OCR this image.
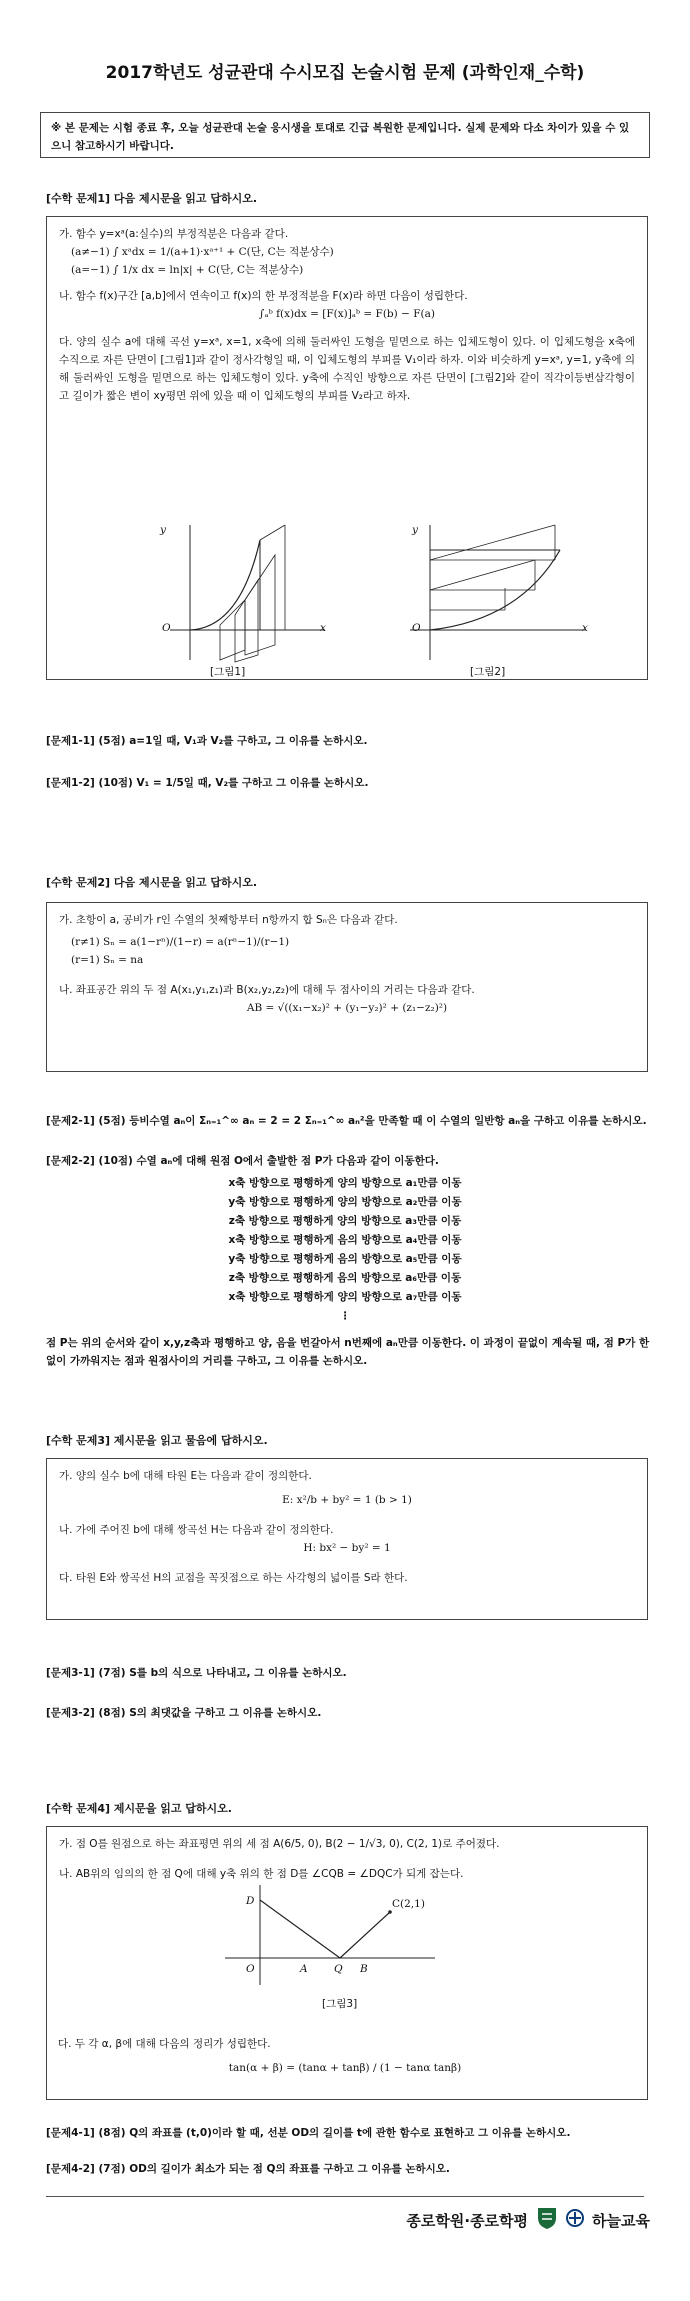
2017학년도 성균관대 수시모집 논술시험 문제 (과학인재_수학)
※ 본 문제는 시험 종료 후, 오늘 성균관대 논술 응시생을 토대로 긴급 복원한 문제입니다. 실제 문제와 다소 차이가 있을 수 있으니 참고하시기 바랍니다.
[수학 문제1] 다음 제시문을 읽고 답하시오.

가. 함수 y=xᵃ(a:실수)의 부정적분은 다음과 같다.

(a≠−1) ∫ xᵃdx = 1/(a+1)·xᵃ⁺¹ + C(단, C는 적분상수)

(a=−1) ∫ 1/x dx = ln|x| + C(단, C는 적분상수)

나. 함수 f(x)구간 [a,b]에서 연속이고 f(x)의 한 부정적분을 F(x)라 하면 다음이 성립한다.

∫ₐᵇ f(x)dx = [F(x)]ₐᵇ = F(b) − F(a)

다. 양의 실수 a에 대해 곡선 y=xᵃ, x=1, x축에 의해 둘러싸인 도형을 밑면으로 하는 입체도형이 있다. 이 입체도형을 x축에 수직으로 자른 단면이 [그림1]과 같이 정사각형일 때, 이 입체도형의 부피를 V₁이라 하자. 이와 비슷하게 y=xᵃ, y=1, y축에 의해 둘러싸인 도형을 밑면으로 하는 입체도형이 있다. y축에 수직인 방향으로 자른 단면이 [그림2]와 같이 직각이등변삼각형이고 길이가 짧은 변이 xy평면 위에 있을 때 이 입체도형의 부피를 V₂라고 하자.

y
x
O
[그림1]
y
x
O
[그림2]
[문제1-1] (5점) a=1일 때, V₁과 V₂를 구하고, 그 이유를 논하시오.
[문제1-2] (10점) V₁ = 1/5일 때, V₂를 구하고 그 이유를 논하시오.
[수학 문제2] 다음 제시문을 읽고 답하시오.

가. 초항이 a, 공비가 r인 수열의 첫째항부터 n항까지 합 Sₙ은 다음과 같다.

(r≠1) Sₙ = a(1−rⁿ)/(1−r) = a(rⁿ−1)/(r−1)

(r=1) Sₙ = na

나. 좌표공간 위의 두 점 A(x₁,y₁,z₁)과 B(x₂,y₂,z₂)에 대해 두 점사이의 거리는 다음과 같다.

AB = √((x₁−x₂)² + (y₁−y₂)² + (z₁−z₂)²)

[문제2-1] (5점) 등비수열 aₙ이 Σₙ₌₁^∞ aₙ = 2 = 2 Σₙ₌₁^∞ aₙ²을 만족할 때 이 수열의 일반항 aₙ을 구하고 이유를 논하시오.
[문제2-2] (10점) 수열 aₙ에 대해 원점 O에서 출발한 점 P가 다음과 같이 이동한다.
x축 방향으로 평행하게 양의 방향으로 a₁만큼 이동
y축 방향으로 평행하게 양의 방향으로 a₂만큼 이동
z축 방향으로 평행하게 양의 방향으로 a₃만큼 이동
x축 방향으로 평행하게 음의 방향으로 a₄만큼 이동
y축 방향으로 평행하게 음의 방향으로 a₅만큼 이동
z축 방향으로 평행하게 음의 방향으로 a₆만큼 이동
x축 방향으로 평행하게 양의 방향으로 a₇만큼 이동
⋮
점 P는 위의 순서와 같이 x,y,z축과 평행하고 양, 음을 번갈아서 n번째에 aₙ만큼 이동한다. 이 과정이 끝없이 계속될 때, 점 P가 한없이 가까워지는 점과 원점사이의 거리를 구하고, 그 이유를 논하시오.
[수학 문제3] 제시문을 읽고 물음에 답하시오.

가. 양의 실수 b에 대해 타원 E는 다음과 같이 정의한다.

E: x²/b + by² = 1 (b > 1)

나. 가에 주어진 b에 대해 쌍곡선 H는 다음과 같이 정의한다.

H: bx² − by² = 1

다. 타원 E와 쌍곡선 H의 교점을 꼭짓점으로 하는 사각형의 넓이를 S라 한다.

[문제3-1] (7점) S를 b의 식으로 나타내고, 그 이유를 논하시오.
[문제3-2] (8점) S의 최댓값을 구하고 그 이유를 논하시오.
[수학 문제4] 제시문을 읽고 답하시오.

가. 점 O를 원점으로 하는 좌표평면 위의 세 점 A(6/5, 0), B(2 − 1/√3, 0), C(2, 1)로 주어졌다.

나. AB위의 임의의 한 점 Q에 대해 y축 위의 한 점 D를 ∠CQB = ∠DQC가 되게 잡는다.

D
O	A	Q B
C(2,1)
[그림3]
다. 두 각 α, β에 대해 다음의 정리가 성립한다.
tan(α + β) = (tanα + tanβ) / (1 − tanα tanβ)
[문제4-1] (8점) Q의 좌표를 (t,0)이라 할 때, 선분 OD의 길이를 t에 관한 함수로 표현하고 그 이유를 논하시오.
[문제4-2] (7점) OD의 길이가 최소가 되는 점 Q의 좌표를 구하고 그 이유를 논하시오.
종로학원·종로학평	하늘교육
